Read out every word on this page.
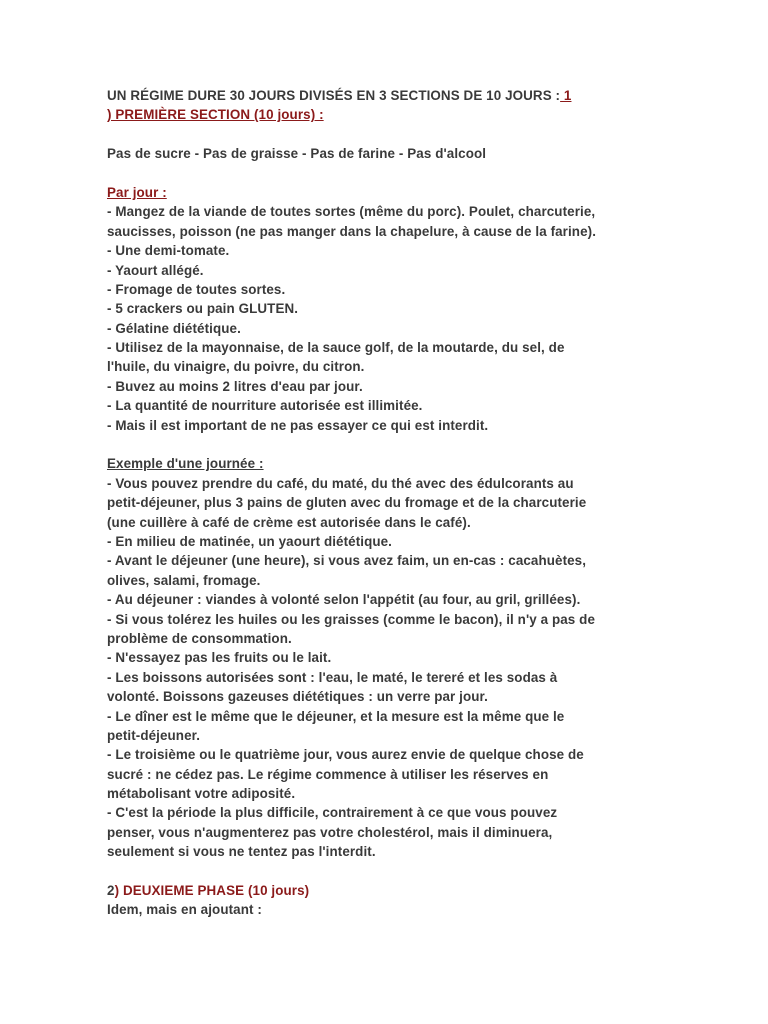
UN RÉGIME DURE 30 JOURS DIVISÉS EN 3 SECTIONS DE 10 JOURS : 1
) PREMIÈRE SECTION (10 jours) :
Pas de sucre - Pas de graisse - Pas de farine - Pas d'alcool
Par jour :
- Mangez de la viande de toutes sortes (même du porc). Poulet, charcuterie,
saucisses, poisson (ne pas manger dans la chapelure, à cause de la farine).
- Une demi-tomate.
- Yaourt allégé.
- Fromage de toutes sortes.
- 5 crackers ou pain GLUTEN.
- Gélatine diététique.
- Utilisez de la mayonnaise, de la sauce golf, de la moutarde, du sel, de
l'huile, du vinaigre, du poivre, du citron.
- Buvez au moins 2 litres d'eau par jour.
- La quantité de nourriture autorisée est illimitée.
- Mais il est important de ne pas essayer ce qui est interdit.
Exemple d'une journée :
- Vous pouvez prendre du café, du maté, du thé avec des édulcorants au
petit-déjeuner, plus 3 pains de gluten avec du fromage et de la charcuterie
(une cuillère à café de crème est autorisée dans le café).
- En milieu de matinée, un yaourt diététique.
- Avant le déjeuner (une heure), si vous avez faim, un en-cas : cacahuètes,
olives, salami, fromage.
- Au déjeuner : viandes à volonté selon l'appétit (au four, au gril, grillées).
- Si vous tolérez les huiles ou les graisses (comme le bacon), il n'y a pas de
problème de consommation.
- N'essayez pas les fruits ou le lait.
- Les boissons autorisées sont : l'eau, le maté, le tereré et les sodas à
volonté. Boissons gazeuses diététiques : un verre par jour.
- Le dîner est le même que le déjeuner, et la mesure est la même que le
petit-déjeuner.
- Le troisième ou le quatrième jour, vous aurez envie de quelque chose de
sucré : ne cédez pas. Le régime commence à utiliser les réserves en
métabolisant votre adiposité.
- C'est la période la plus difficile, contrairement à ce que vous pouvez
penser, vous n'augmenterez pas votre cholestérol, mais il diminuera,
seulement si vous ne tentez pas l'interdit.
2) DEUXIEME PHASE (10 jours)
Idem, mais en ajoutant :
